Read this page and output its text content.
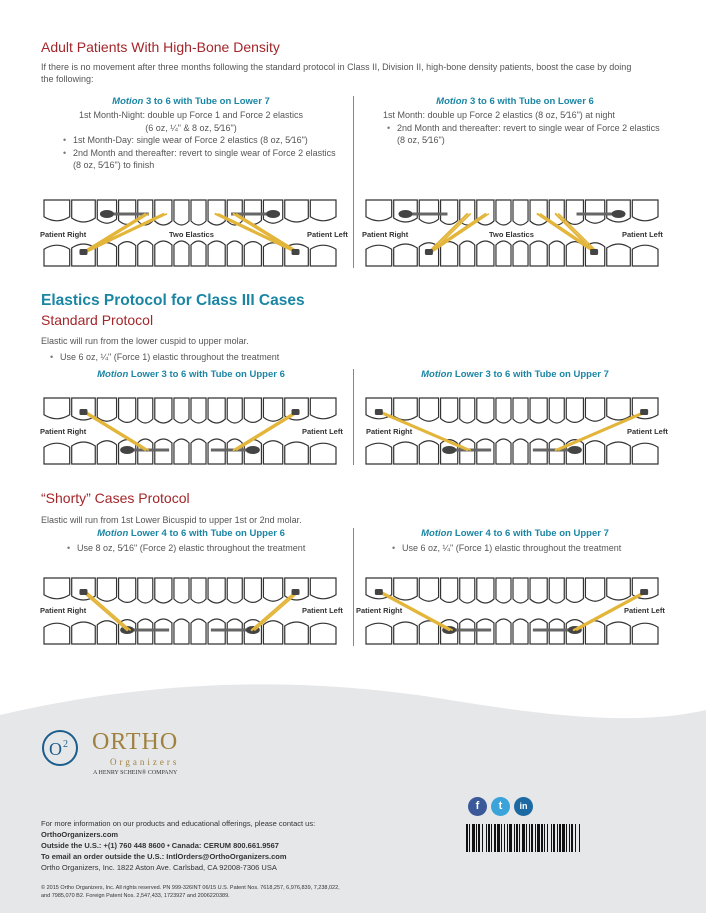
Adult Patients With High-Bone Density
If there is no movement after three months following the standard protocol in Class II, Division II, high-bone density patients, boost the case by doing the following:
Motion 3 to 6 with Tube on Lower 7
1st Month-Night: double up Force 1 and Force 2 elastics
(6 oz, ¼" & 8 oz, 5⁄16")
• 1st Month-Day: single wear of Force 2 elastics (8 oz, 5⁄16")
• 2nd Month and thereafter: revert to single wear of Force 2 elastics (8 oz, 5⁄16") to finish
Motion 3 to 6 with Tube on Lower 6
1st Month: double up Force 2 elastics (8 oz, 5⁄16") at night
• 2nd Month and thereafter: revert to single wear of Force 2 elastics (8 oz, 5⁄16")
Patient Right	Two Elastics	Patient Left Patient Right	Two Elastics	Patient Left
Elastics Protocol for Class III Cases
Standard Protocol
Elastic will run from the lower cuspid to upper molar.
• Use 6 oz, ¼" (Force 1) elastic throughout the treatment
Motion Lower 3 to 6 with Tube on Upper 6	Motion Lower 3 to 6 with Tube on Upper 7
Patient Right	Patient Left	Patient Right	Patient Left
“Shorty” Cases Protocol
Elastic will run from 1st Lower Bicuspid to upper 1st or 2nd molar.
Motion Lower 4 to 6 with Tube on Upper 6
• Use 8 oz, 5⁄16" (Force 2) elastic throughout the treatment
Motion Lower 4 to 6 with Tube on Upper 7
• Use 6 oz, ¼" (Force 1) elastic throughout the treatment
Patient Right	Patient Left Patient Right	Patient Left
O 2 ORTHO
Organizers
A HENRY SCHEIN® COMPANY
For more information on our products and educational offerings, please contact us:
OrthoOrganizers.com
Outside the U.S.: +(1) 760 448 8600 • Canada: CERUM 800.661.9567
To email an order outside the U.S.: IntlOrders@OrthoOrganizers.com
Ortho Organizers, Inc. 1822 Aston Ave. Carlsbad, CA 92008-7306 USA
© 2015 Ortho Organizers, Inc. All rights reserved. PN 999-326INT 06/15 U.S. Patent Nos. 7618,257, 6,976,839, 7,238,022,
and 7985,070 B2. Foreign Patent Nos. 2,547,433, 1723927 and 2006220389.
f	t	in
